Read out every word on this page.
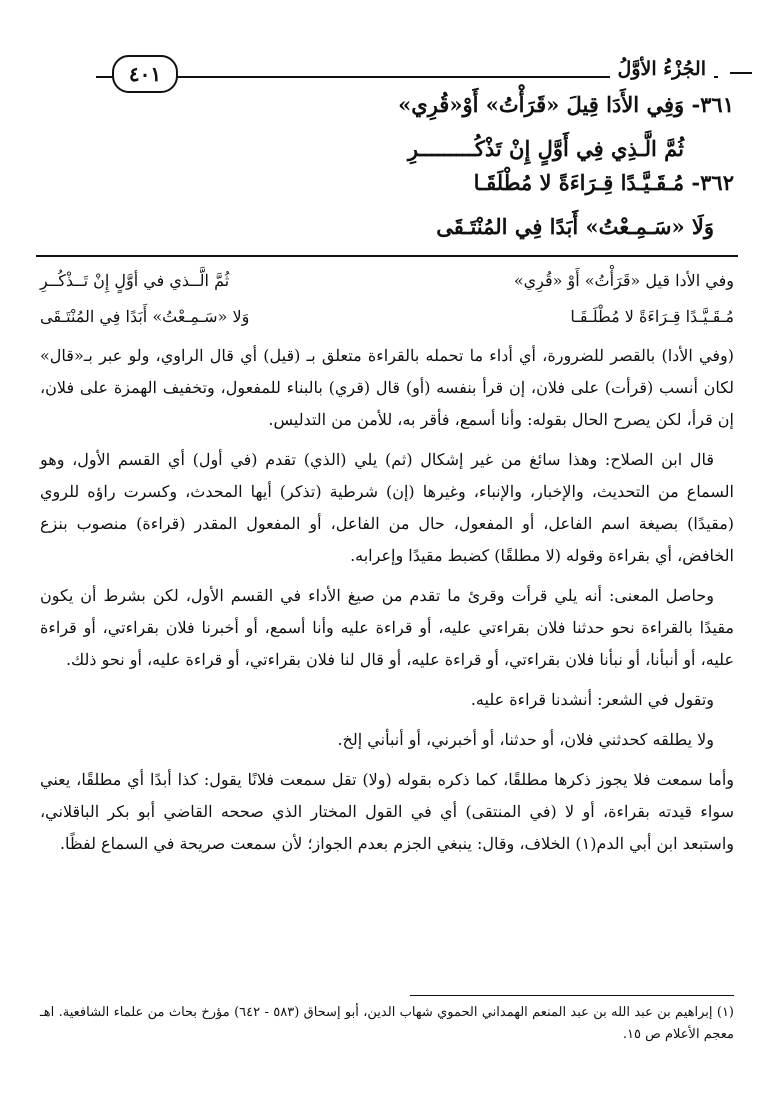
الجُزْءُ الأوَّلُ
٤٠١
٣٦١- وَفِي الأَدَا قِيلَ «قَرَأْتُ» أَوْ«قُرِي»
ثُمَّ الَّـذِي فِي أَوَّلٍ إِنْ تَذْكُـــــــــرِ
٣٦٢- مُـقَـيَّـدًا قِـرَاءَةً لا مُطْلَقَـا
وَلَا «سَـمِـعْتُ» أَبَدًا فِي المُنْتَـقَى
وفي الأدا قيل «قَرَأْتُ» أَوْ «قُرِي»
ثُمَّ الَّــذي في أوَّلٍ إِنْ تَــذْكُــرِ
مُـقَـيَّـدًا قِـرَاءَةً لا مُطْلَـقَـا
وَلا «سَـمِـعْتُ» أَبَدًا فِي المُنْتَـقَى

(وفي الأدا) بالقصر للضرورة، أي أداء ما تحمله بالقراءة متعلق بـ (قيل) أي قال الراوي، ولو عبر بـ«قال» لكان أنسب (قرأت) على فلان، إن قرأ بنفسه (أو) قال (قري) بالبناء للمفعول، وتخفيف الهمزة على فلان، إن قرأ، لكن يصرح الحال بقوله: وأنا أسمع، فأقر به، للأمن من التدليس.

قال ابن الصلاح: وهذا سائغ من غير إشكال (ثم) يلي (الذي) تقدم (في أول) أي القسم الأول، وهو السماع من التحديث، والإخبار، والإنباء، وغيرها (إن) شرطية (تذكر) أيها المحدث، وكسرت راؤه للروي (مقيدًا) بصيغة اسم الفاعل، أو المفعول، حال من الفاعل، أو المفعول المقدر (قراءة) منصوب بنزع الخافض، أي بقراءة وقوله (لا مطلقًا) كضبط مقيدًا وإعرابه.

وحاصل المعنى: أنه يلي قرأت وقرئ ما تقدم من صيغ الأداء في القسم الأول، لكن بشرط أن يكون مقيدًا بالقراءة نحو حدثنا فلان بقراءتي عليه، أو قراءة عليه وأنا أسمع، أو أخبرنا فلان بقراءتي، أو قراءة عليه، أو أنبأنا، أو نبأنا فلان بقراءتي، أو قراءة عليه، أو قال لنا فلان بقراءتي، أو قراءة عليه، أو نحو ذلك.

وتقول في الشعر: أنشدنا قراءة عليه.

ولا يطلقه كحدثني فلان، أو حدثنا، أو أخبرني، أو أنبأني إلخ.

وأما سمعت فلا يجوز ذكرها مطلقًا، كما ذكره بقوله (ولا) تقل سمعت فلانًا يقول: كذا أبدًا أي مطلقًا، يعني سواء قيدته بقراءة، أو لا (في المنتقى) أي في القول المختار الذي صححه القاضي أبو بكر الباقلاني، واستبعد ابن أبي الدم(١) الخلاف، وقال: ينبغي الجزم بعدم الجواز؛ لأن سمعت صريحة في السماع لفظًا.

(١) إبراهيم بن عبد الله بن عبد المنعم الهمداني الحموي شهاب الدين، أبو إسحاق (٥٨٣ - ٦٤٢) مؤرخ بحاث من علماء الشافعية. اهـ معجم الأعلام ص ١٥.
